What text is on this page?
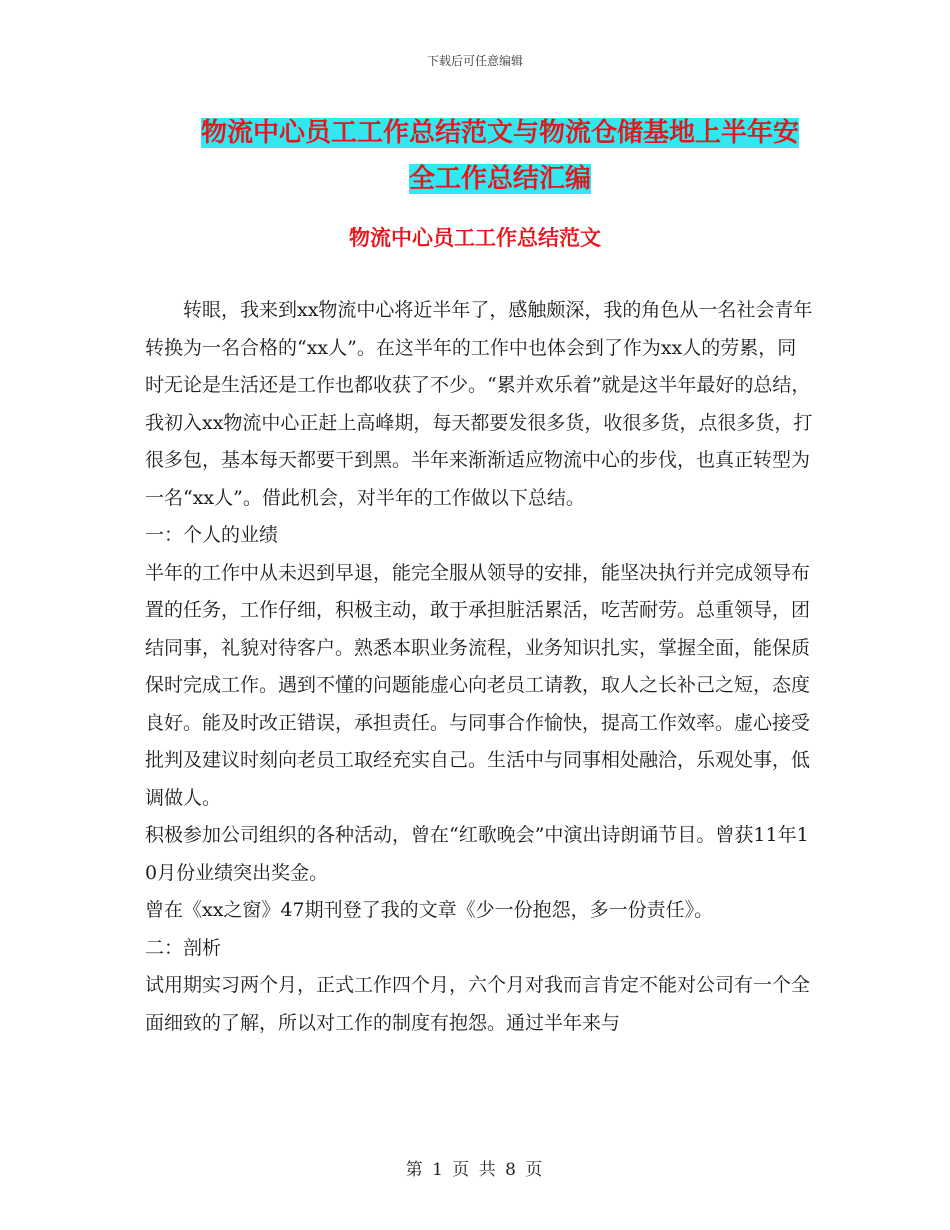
下载后可任意编辑
物流中心员工工作总结范文与物流仓储基地上半年安
全工作总结汇编
物流中心员工工作总结范文

转眼，我来到xx物流中心将近半年了，感触颇深，我的角色从一名社会青年转换为一名合格的“xx人”。在这半年的工作中也体会到了作为xx人的劳累，同时无论是生活还是工作也都收获了不少。“累并欢乐着”就是这半年最好的总结，我初入xx物流中心正赶上高峰期，每天都要发很多货，收很多货，点很多货，打很多包，基本每天都要干到黑。半年来渐渐适应物流中心的步伐，也真正转型为一名“xx人”。借此机会，对半年的工作做以下总结。

一：个人的业绩

半年的工作中从未迟到早退，能完全服从领导的安排，能坚决执行并完成领导布置的任务，工作仔细，积极主动，敢于承担脏活累活，吃苦耐劳。总重领导，团结同事，礼貌对待客户。熟悉本职业务流程，业务知识扎实，掌握全面，能保质保时完成工作。遇到不懂的问题能虚心向老员工请教，取人之长补己之短，态度良好。能及时改正错误，承担责任。与同事合作愉快，提高工作效率。虚心接受批判及建议时刻向老员工取经充实自己。生活中与同事相处融洽，乐观处事，低调做人。

积极参加公司组织的各种活动，曾在“红歌晚会”中演出诗朗诵节目。曾获11年10月份业绩突出奖金。

曾在《xx之窗》47期刊登了我的文章《少一份抱怨，多一份责任》。

二：剖析

试用期实习两个月，正式工作四个月，六个月对我而言肯定不能对公司有一个全面细致的了解，所以对工作的制度有抱怨。通过半年来与

第 1 页 共 8 页
